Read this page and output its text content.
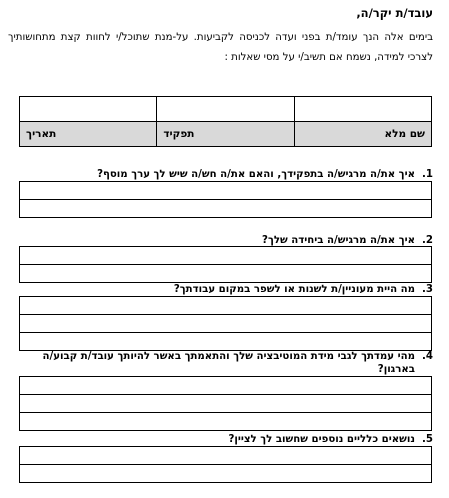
עובד/ת יקר/ה,
בימים אלה הנך עומד/ת בפני ועדה לכניסה לקביעות. על-מנת שתוכל/י לחוות קצת מתחושותיך לצרכי למידה, נשמח אם תשיב/י על מסי שאלות :

שם מלא	תפקיד	תאריך
1.
איך את/ה מרגיש/ה בתפקידך, והאם את/ה חש/ה שיש לך ערך מוסף?

2.
איך את/ה מרגיש/ה ביחידה שלך?

3.
מה היית מעוניין/ת לשנות או לשפר במקום עבודתך?

4.
מהי עמדתך לגבי מידת המוטיבציה שלך והתאמתך באשר להיותך עובד/ת קבוע/ה בארגון?

5.
נושאים כלליים נוספים שחשוב לך לציין?
